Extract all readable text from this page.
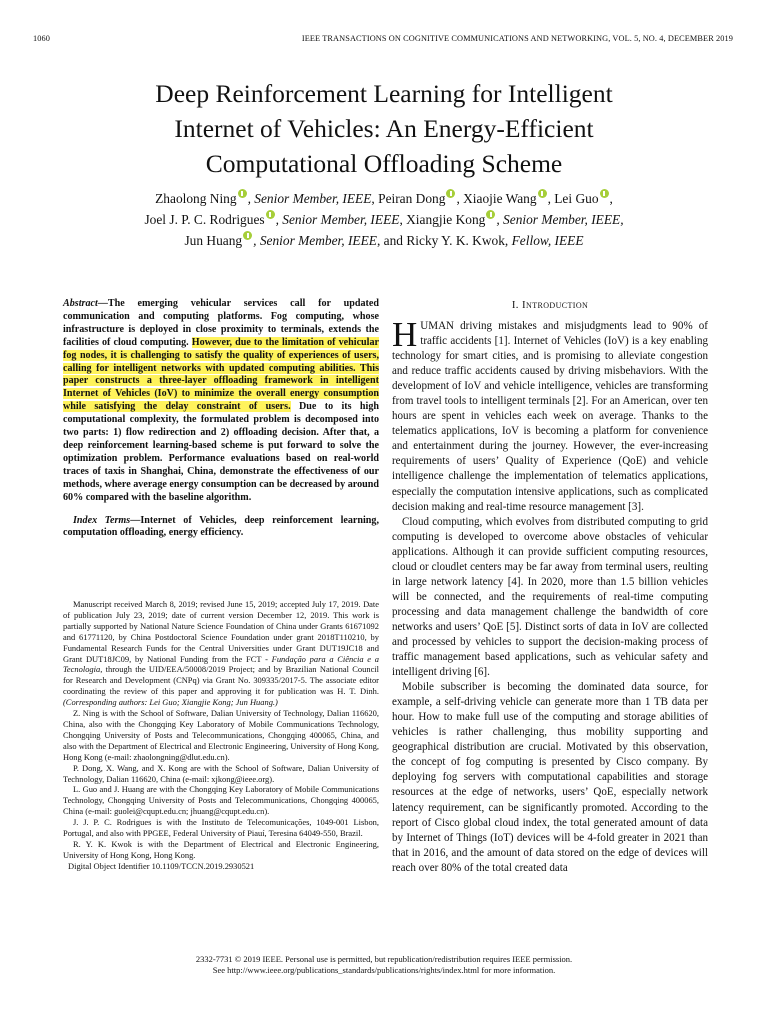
1060	IEEE TRANSACTIONS ON COGNITIVE COMMUNICATIONS AND NETWORKING, VOL. 5, NO. 4, DECEMBER 2019
Deep Reinforcement Learning for Intelligent
Internet of Vehicles: An Energy-Efficient
Computational Offloading Scheme
Zhaolong Ning , Senior Member, IEEE, Peiran Dong , Xiaojie Wang , Lei Guo ,
Joel J. P. C. Rodrigues , Senior Member, IEEE, Xiangjie Kong , Senior Member, IEEE,
Jun Huang , Senior Member, IEEE, and Ricky Y. K. Kwok, Fellow, IEEE

Abstract—The emerging vehicular services call for updated communication and computing platforms. Fog computing, whose infrastructure is deployed in close proximity to terminals, extends the facilities of cloud computing. However, due to the limitation of vehicular fog nodes, it is challenging to satisfy the quality of experiences of users, calling for intelligent networks with updated computing abilities. This paper constructs a three-layer offloading framework in intelligent Internet of Vehicles (IoV) to minimize the overall energy consumption while satisfying the delay constraint of users. Due to its high computational complexity, the formulated problem is decomposed into two parts: 1) flow redirection and 2) offloading decision. After that, a deep reinforcement learning-based scheme is put forward to solve the optimization problem. Performance evaluations based on real-world traces of taxis in Shanghai, China, demonstrate the effectiveness of our methods, where average energy consumption can be decreased by around 60% compared with the baseline algorithm.

Index Terms—Internet of Vehicles, deep reinforcement learning, computation offloading, energy efficiency.

Manuscript received March 8, 2019; revised June 15, 2019; accepted July 17, 2019. Date of publication July 23, 2019; date of current version December 12, 2019. This work is partially supported by National Nature Science Foundation of China under Grants 61671092 and 61771120, by China Postdoctoral Science Foundation under grant 2018T110210, by Fundamental Research Funds for the Central Universities under Grant DUT19JC18 and Grant DUT18JC09, by National Funding from the FCT - Fundação para a Ciência e a Tecnologia, through the UID/EEA/50008/2019 Project; and by Brazilian National Council for Research and Development (CNPq) via Grant No. 309335/2017-5. The associate editor coordinating the review of this paper and approving it for publication was H. T. Dinh. (Corresponding authors: Lei Guo; Xiangjie Kong; Jun Huang.)

Z. Ning is with the School of Software, Dalian University of Technology, Dalian 116620, China, also with the Chongqing Key Laboratory of Mobile Communications Technology, Chongqing University of Posts and Telecommunications, Chongqing 400065, China, and also with the Department of Electrical and Electronic Engineering, University of Hong Kong, Hong Kong (e-mail: zhaolongning@dlut.edu.cn).

P. Dong, X. Wang, and X. Kong are with the School of Software, Dalian University of Technology, Dalian 116620, China (e-mail: xjkong@ieee.org).

L. Guo and J. Huang are with the Chongqing Key Laboratory of Mobile Communications Technology, Chongqing University of Posts and Telecommunications, Chongqing 400065, China (e-mail: guolei@cqupt.edu.cn; jhuang@cqupt.edu.cn).

J. J. P. C. Rodrigues is with the Instituto de Telecomunicações, 1049-001 Lisbon, Portugal, and also with PPGEE, Federal University of Piauí, Teresina 64049-550, Brazil.

R. Y. K. Kwok is with the Department of Electrical and Electronic Engineering, University of Hong Kong, Hong Kong.

Digital Object Identifier 10.1109/TCCN.2019.2930521

I. Introduction

HUMAN driving mistakes and misjudgments lead to 90% of traffic accidents [1]. Internet of Vehicles (IoV) is a key enabling technology for smart cities, and is promising to alleviate congestion and reduce traffic accidents caused by driving misbehaviors. With the development of IoV and vehicle intelligence, vehicles are transforming from travel tools to intelligent terminals [2]. For an American, over ten hours are spent in vehicles each week on average. Thanks to the telematics applications, IoV is becoming a platform for convenience and entertainment during the journey. However, the ever-increasing requirements of users’ Quality of Experience (QoE) and vehicle intelligence challenge the implementation of telematics applications, especially the computation intensive applications, such as complicated decision making and real-time resource management [3].

Cloud computing, which evolves from distributed computing to grid computing is developed to overcome above obstacles of vehicular applications. Although it can provide sufficient computing resources, cloud or cloudlet centers may be far away from terminal users, reulting in large network latency [4]. In 2020, more than 1.5 billion vehicles will be connected, and the requirements of real-time computing processing and data management challenge the bandwidth of core networks and users’ QoE [5]. Distinct sorts of data in IoV are collected and processed by vehicles to support the decision-making process of traffic management based applications, such as vehicular safety and intelligent driving [6].

Mobile subscriber is becoming the dominated data source, for example, a self-driving vehicle can generate more than 1 TB data per hour. How to make full use of the computing and storage abilities of vehicles is rather challenging, thus mobility supporting and geographical distribution are crucial. Motivated by this observation, the concept of fog computing is presented by Cisco company. By deploying fog servers with computational capabilities and storage resources at the edge of networks, users’ QoE, especially network latency requirement, can be significantly promoted. According to the report of Cisco global cloud index, the total generated amount of data by Internet of Things (IoT) devices will be 4-fold greater in 2021 than that in 2016, and the amount of data stored on the edge of devices will reach over 80% of the total created data

2332-7731 © 2019 IEEE. Personal use is permitted, but republication/redistribution requires IEEE permission.
See http://www.ieee.org/publications_standards/publications/rights/index.html for more information.
